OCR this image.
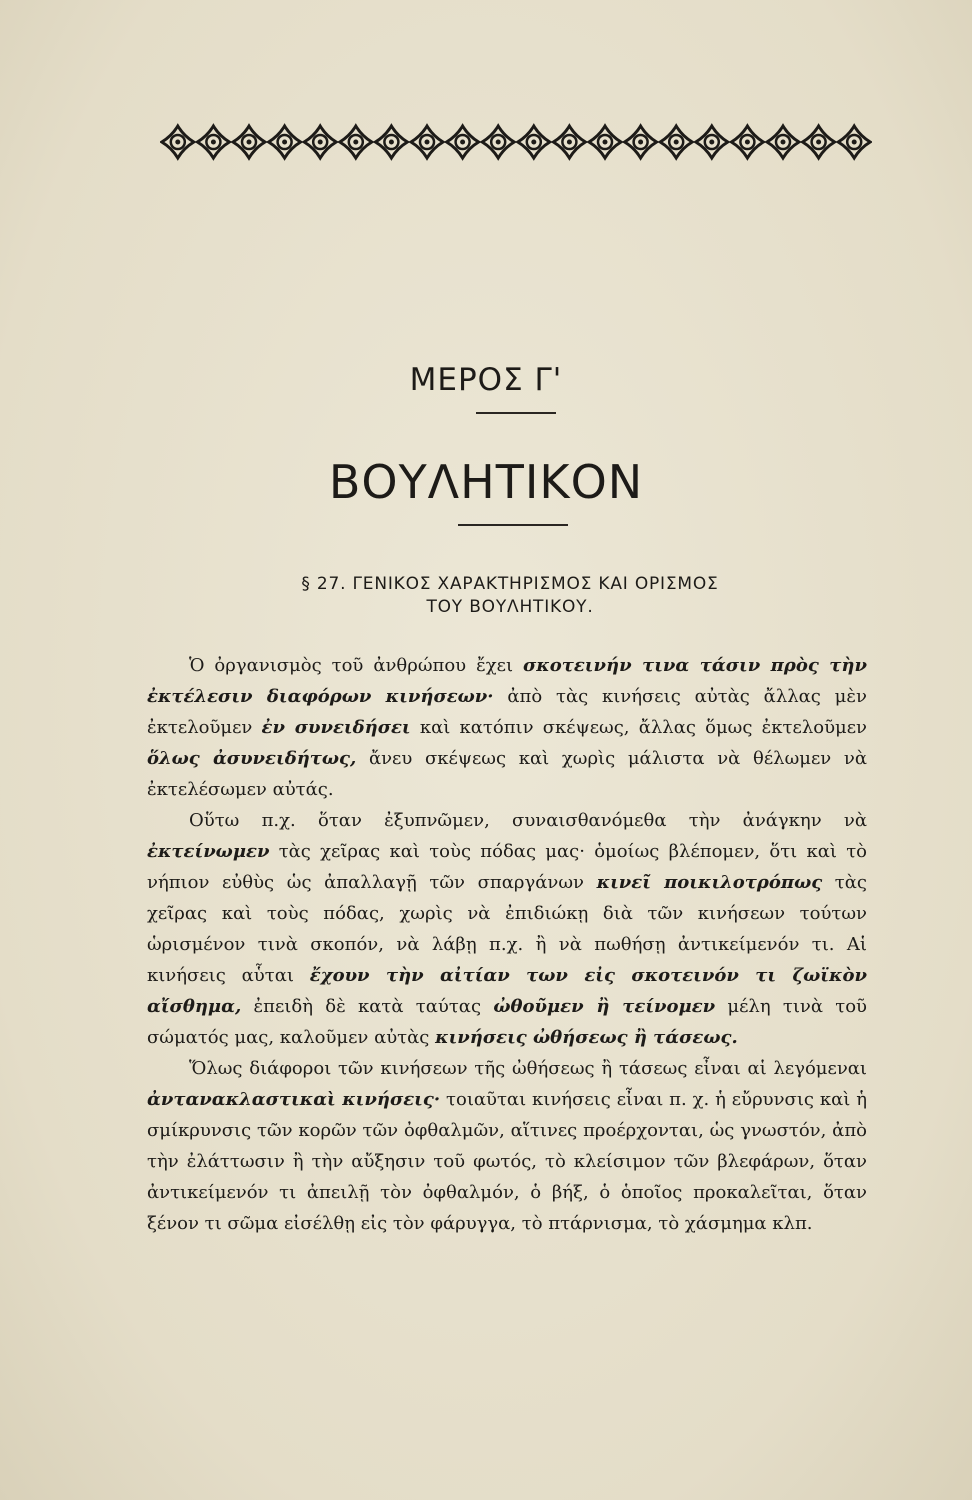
ΜΕΡΟΣ Γ'
ΒΟΥΛΗΤΙΚΟΝ
§ 27. ΓΕΝΙΚΟΣ ΧΑΡΑΚΤΗΡΙΣΜΟΣ ΚΑΙ ΟΡΙΣΜΟΣ
ΤΟΥ ΒΟΥΛΗΤΙΚΟΥ.

Ὁ ὀργανισμὸς τοῦ ἀνθρώπου ἔχει σκοτεινήν τινα τάσιν πρὸς τὴν ἐκτέλεσιν διαφόρων κινήσεων· ἀπὸ τὰς κινήσεις αὐτὰς ἄλλας μὲν ἐκτελοῦμεν ἐν συνειδήσει καὶ κατόπιν σκέψεως, ἄλλας ὅμως ἐκτελοῦμεν ὅλως ἀσυνειδήτως, ἄνευ σκέψεως καὶ χωρὶς μάλιστα νὰ θέλωμεν νὰ ἐκτελέσωμεν αὐτάς.

Οὕτω π.χ. ὅταν ἐξυπνῶμεν, συναισθανόμεθα τὴν ἀνάγκην νὰ ἐκτείνωμεν τὰς χεῖρας καὶ τοὺς πόδας μας· ὁμοίως βλέπομεν, ὅτι καὶ τὸ νήπιον εὐθὺς ὡς ἀπαλλαγῇ τῶν σπαργάνων κινεῖ ποικιλοτρόπως τὰς χεῖρας καὶ τοὺς πόδας, χωρὶς νὰ ἐπιδιώκῃ διὰ τῶν κινήσεων τούτων ὡρισμένον τινὰ σκοπόν, νὰ λάβῃ π.χ. ἢ νὰ πωθήσῃ ἀντικείμενόν τι. Αἱ κινήσεις αὗται ἔχουν τὴν αἰτίαν των εἰς σκοτεινόν τι ζωϊκὸν αἴσθημα, ἐπειδὴ δὲ κατὰ ταύτας ὠθοῦμεν ἢ τείνομεν μέλη τινὰ τοῦ σώματός μας, καλοῦμεν αὐτὰς κινήσεις ὠθήσεως ἢ τάσεως.

Ὅλως διάφοροι τῶν κινήσεων τῆς ὠθήσεως ἢ τάσεως εἶναι αἱ λεγόμεναι ἀντανακλαστικαὶ κινήσεις· τοιαῦται κινήσεις εἶναι π. χ. ἡ εὔρυνσις καὶ ἡ σμίκρυνσις τῶν κορῶν τῶν ὀφθαλμῶν, αἵτινες προέρχονται, ὡς γνωστόν, ἀπὸ τὴν ἐλάττωσιν ἢ τὴν αὔξησιν τοῦ φωτός, τὸ κλείσιμον τῶν βλεφάρων, ὅταν ἀντικείμενόν τι ἀπειλῇ τὸν ὀφθαλμόν, ὁ βήξ, ὁ ὁποῖος προκαλεῖται, ὅταν ξένον τι σῶμα εἰσέλθῃ εἰς τὸν φάρυγγα, τὸ πτάρνισμα, τὸ χάσμημα κλπ.
